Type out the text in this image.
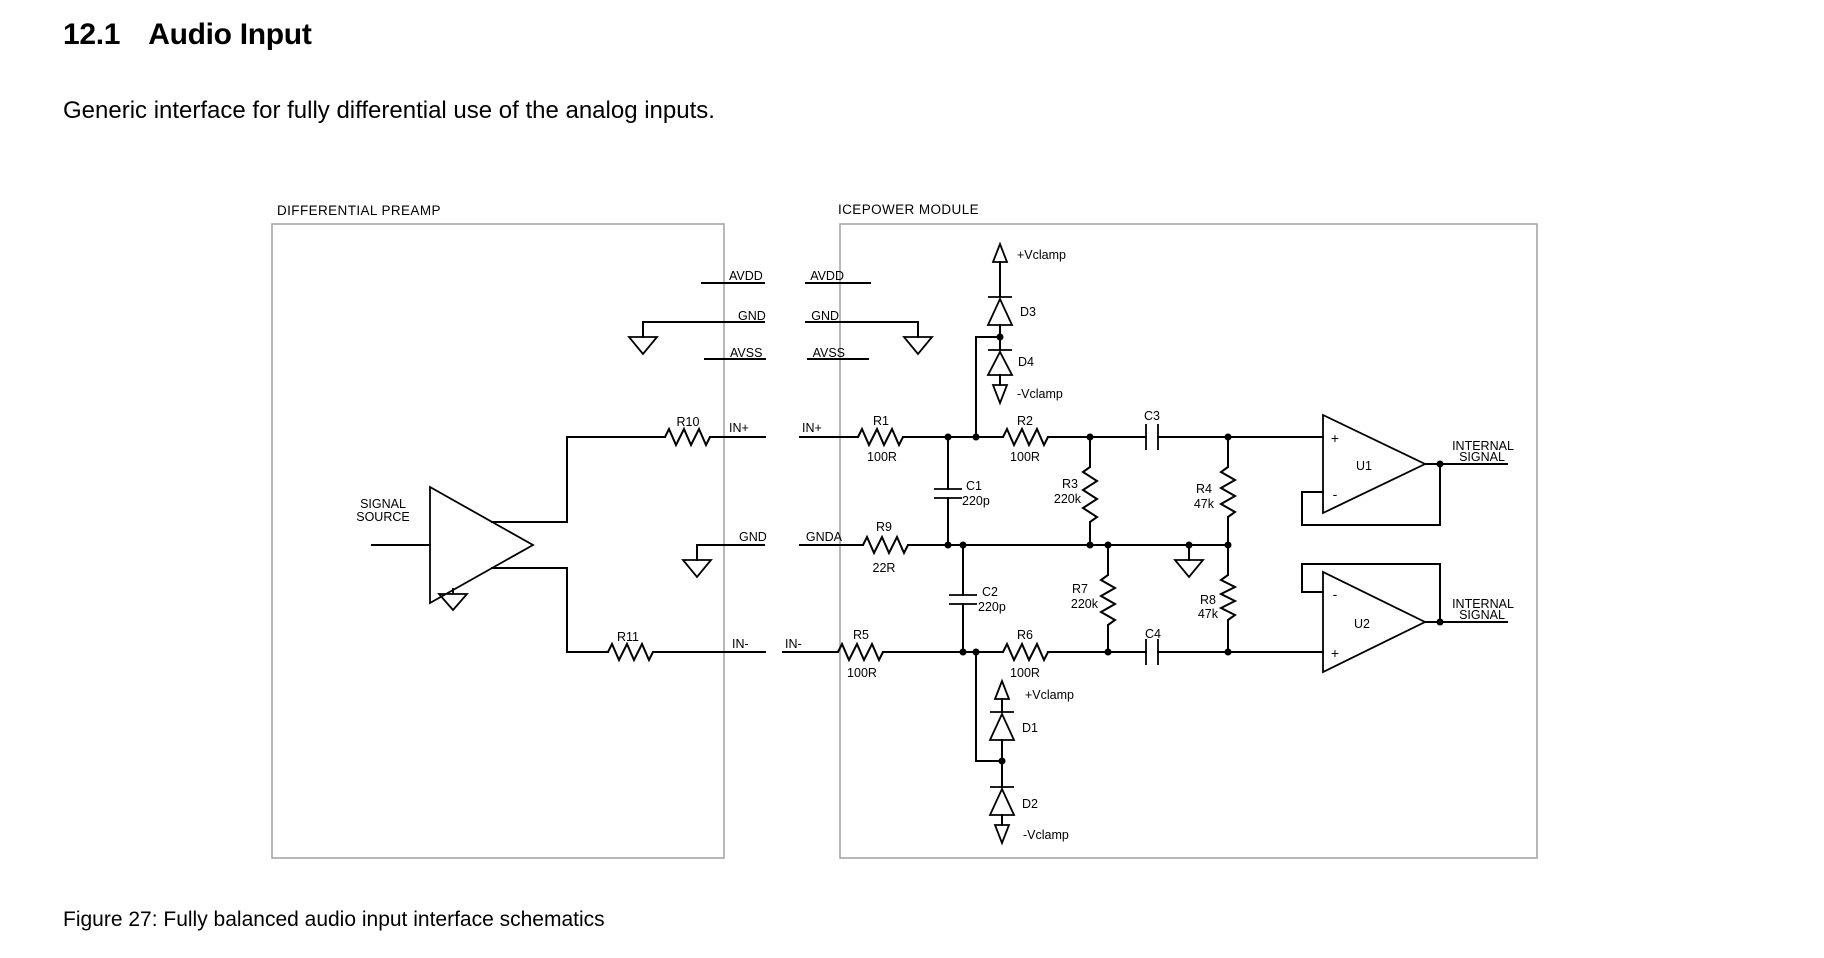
12.1 Audio Input
Generic interface for fully differential use of the analog inputs.
DIFFERENTIAL PREAMP
SIGNAL
SOURCE
R10
R11
AVDD
GND
AVSS
IN+
GND
IN-
ICEPOWER MODULE
AVDD
GND
AVSS
IN+
GNDA
IN-
R1
100R
R2
100R
R9
22R
R5
100R
R6
100R
C1
220p
C2
220p
+Vclamp
D3
D4
-Vclamp
+Vclamp
D1
D2
-Vclamp
R3
220k
R4
47k
R7
220k	R8
47k
C3
C4
+
-
U1
INTERNAL
SIGNAL
-
+
U2
INTERNAL
SIGNAL
Figure 27: Fully balanced audio input interface schematics
